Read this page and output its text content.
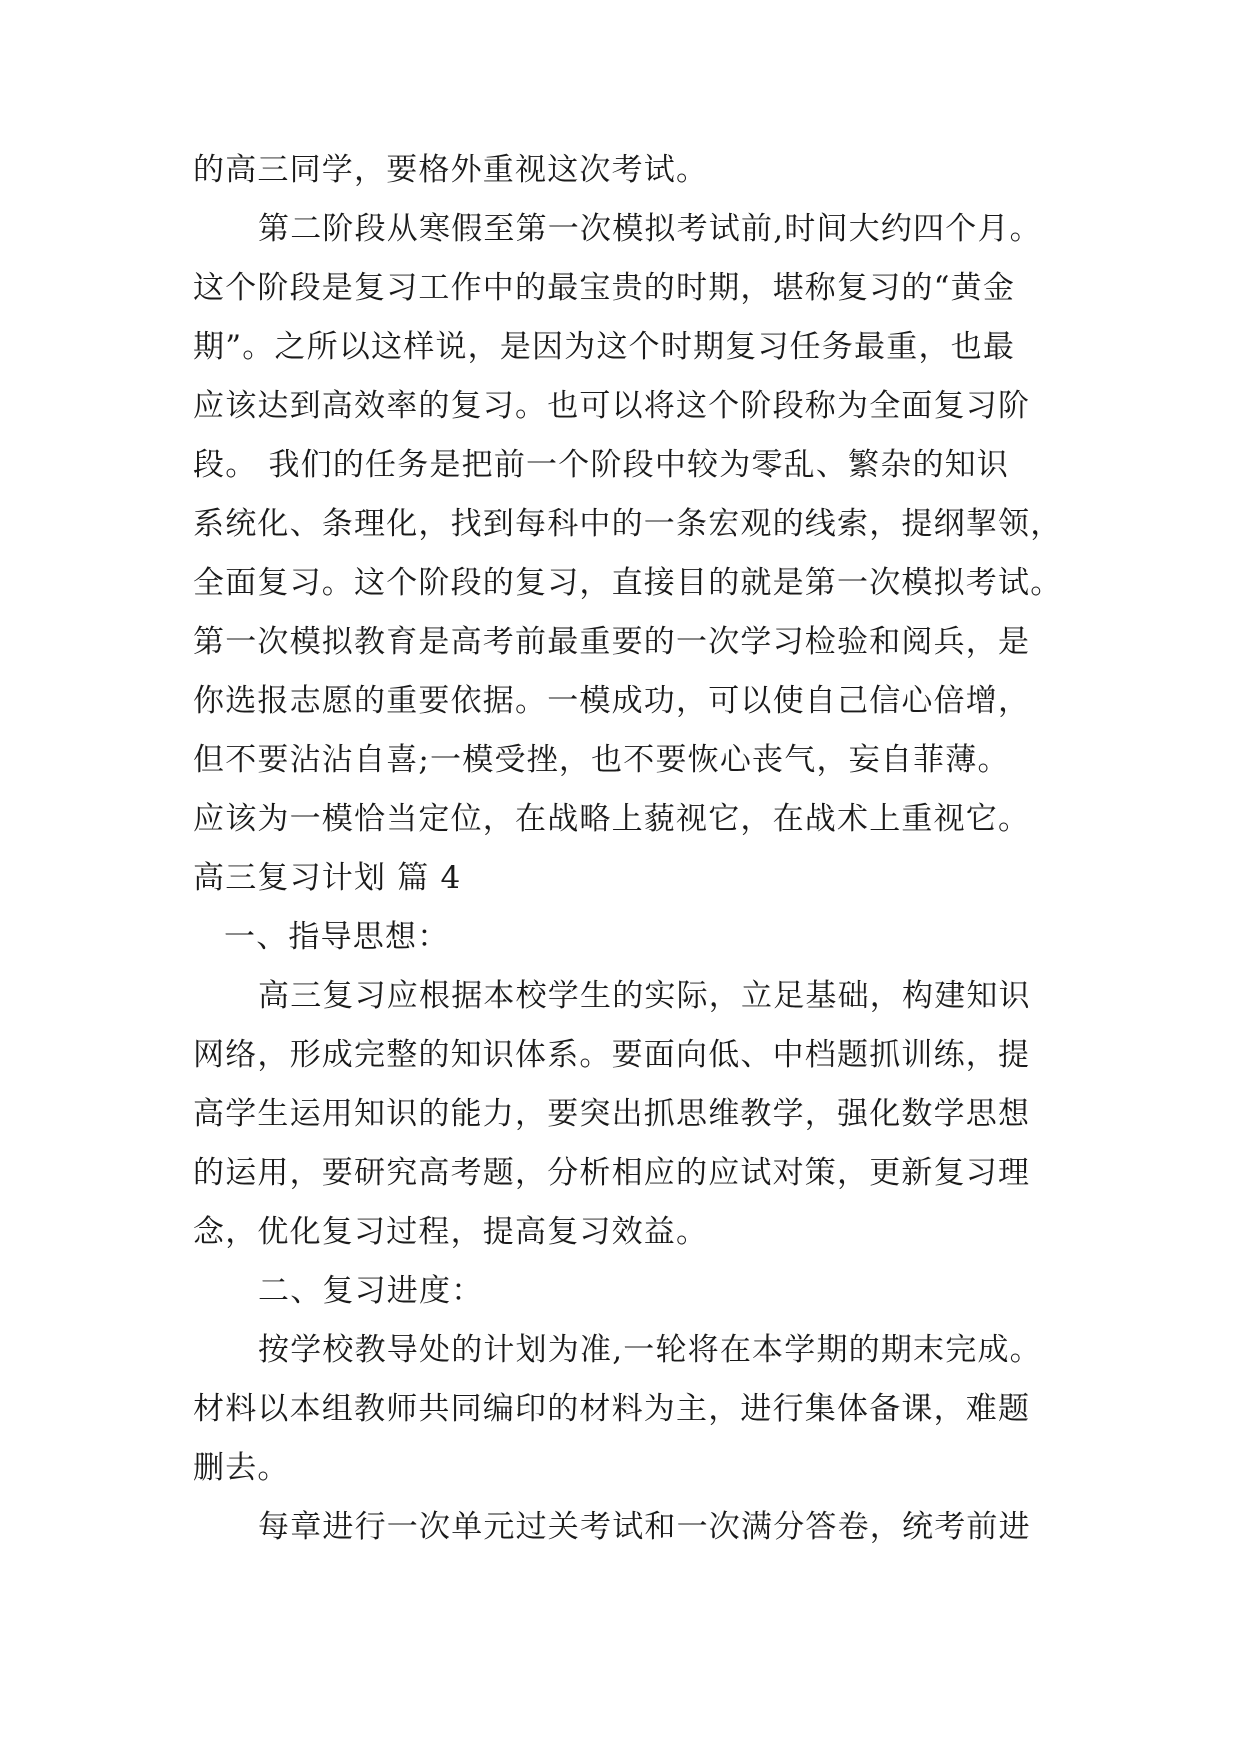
的高三同学，要格外重视这次考试。
第二阶段从寒假至第一次模拟考试前,时间大约四个月。
这个阶段是复习工作中的最宝贵的时期，堪称复习的“黄金
期”。之所以这样说，是因为这个时期复习任务最重，也最
应该达到高效率的复习。也可以将这个阶段称为全面复习阶
段。 我们的任务是把前一个阶段中较为零乱、繁杂的知识
系统化、条理化，找到每科中的一条宏观的线索，提纲挈领，
全面复习。这个阶段的复习，直接目的就是第一次模拟考试。
第一次模拟教育是高考前最重要的一次学习检验和阅兵，是
你选报志愿的重要依据。一模成功，可以使自己信心倍增，
但不要沾沾自喜;一模受挫，也不要恢心丧气，妄自菲薄。
应该为一模恰当定位，在战略上藐视它，在战术上重视它。
高三复习计划 篇 4
一、指导思想：
高三复习应根据本校学生的实际，立足基础，构建知识
网络，形成完整的知识体系。要面向低、中档题抓训练，提
高学生运用知识的能力，要突出抓思维教学，强化数学思想
的运用，要研究高考题，分析相应的应试对策，更新复习理
念，优化复习过程，提高复习效益。
二、复习进度：
按学校教导处的计划为准,一轮将在本学期的期末完成。
材料以本组教师共同编印的材料为主，进行集体备课，难题
删去。
每章进行一次单元过关考试和一次满分答卷，统考前进
